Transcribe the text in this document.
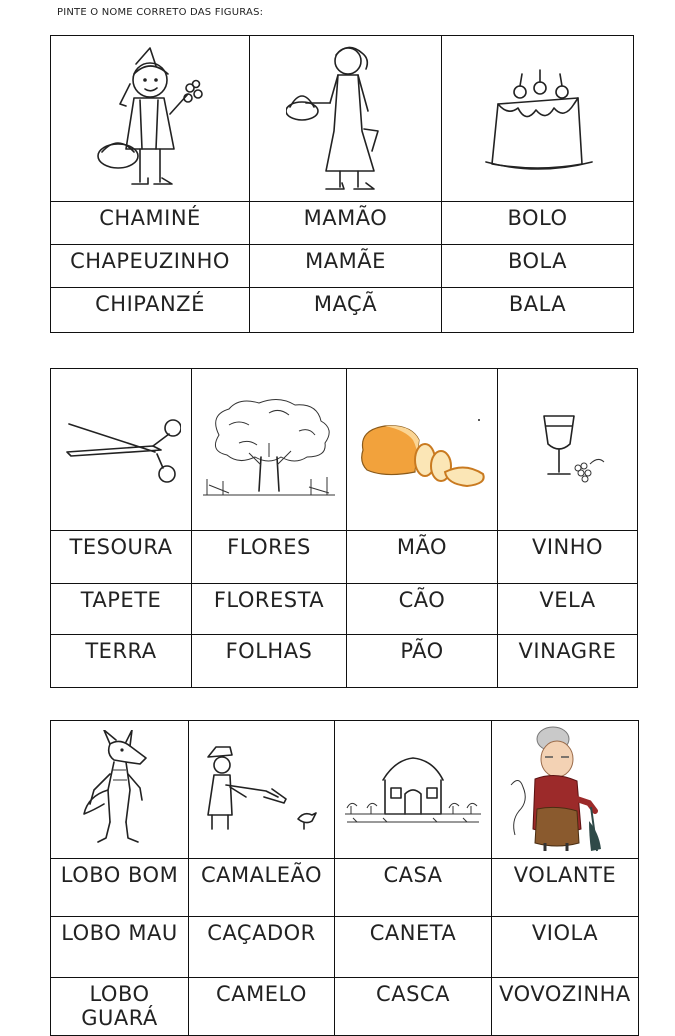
PINTE O NOME CORRETO DAS FIGURAS:

CHAMINÉ	MAMÃO	BOLO
CHAPEUZINHO	MAMÃE	BOLA
CHIPANZÉ	MAÇÃ	BALA

TESOURA	FLORES	MÃO	VINHO
TAPETE	FLORESTA	CÃO	VELA
TERRA	FOLHAS	PÃO	VINAGRE

LOBO BOM	CAMALEÃO	CASA	VOLANTE
LOBO MAU	CAÇADOR	CANETA	VIOLA
LOBO GUARÁ	CAMELO	CASCA	VOVOZINHA
